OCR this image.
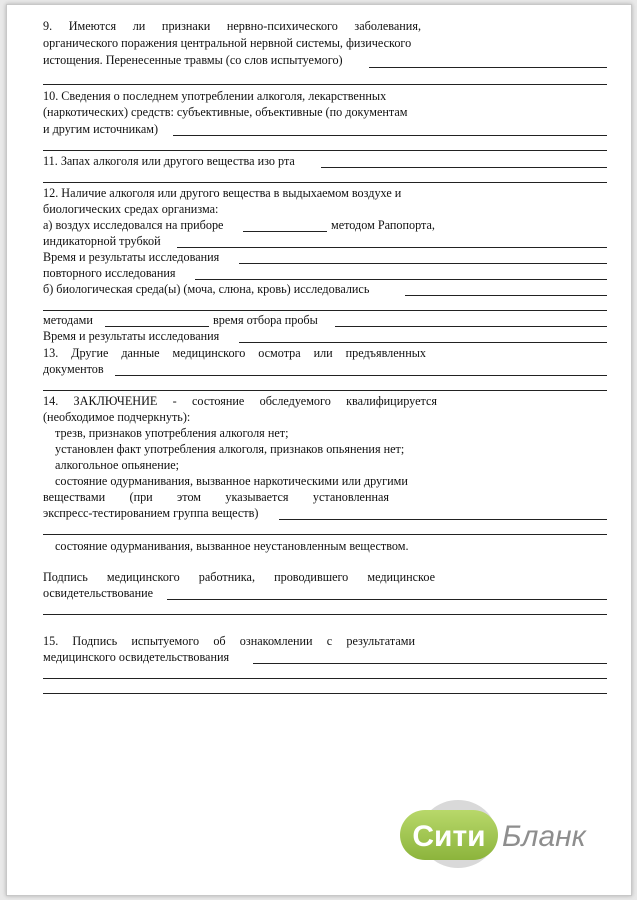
9. Имеются ли признаки нервно-психического заболевания,
органического поражения центральной нервной системы, физического
истощения. Перенесенные травмы (со слов испытуемого)
10. Сведения о последнем употреблении алкоголя, лекарственных
(наркотических) средств: субъективные, объективные (по документам
и другим источникам)
11. Запах алкоголя или другого вещества изо рта
12. Наличие алкоголя или другого вещества в выдыхаемом воздухе и
биологических средах организма:
а) воздух исследовался на приборе	методом Рапопорта,
индикаторной трубкой
Время и результаты исследования
повторного исследования
б) биологическая среда(ы) (моча, слюна, кровь) исследовались
методами	время отбора пробы
Время и результаты исследования
13. Другие данные медицинского осмотра или предъявленных
документов
14. ЗАКЛЮЧЕНИЕ - состояние обследуемого квалифицируется
(необходимое подчеркнуть):
трезв, признаков употребления алкоголя нет;
установлен факт употребления алкоголя, признаков опьянения нет;
алкогольное опьянение;
состояние одурманивания, вызванное наркотическими или другими
веществами (при этом указывается установленная
экспресс-тестированием группа веществ)
состояние одурманивания, вызванное неустановленным веществом.
Подпись медицинского работника, проводившего медицинское
освидетельствование
15. Подпись испытуемого об ознакомлении с результатами
медицинского освидетельствования
Сити Бланк
